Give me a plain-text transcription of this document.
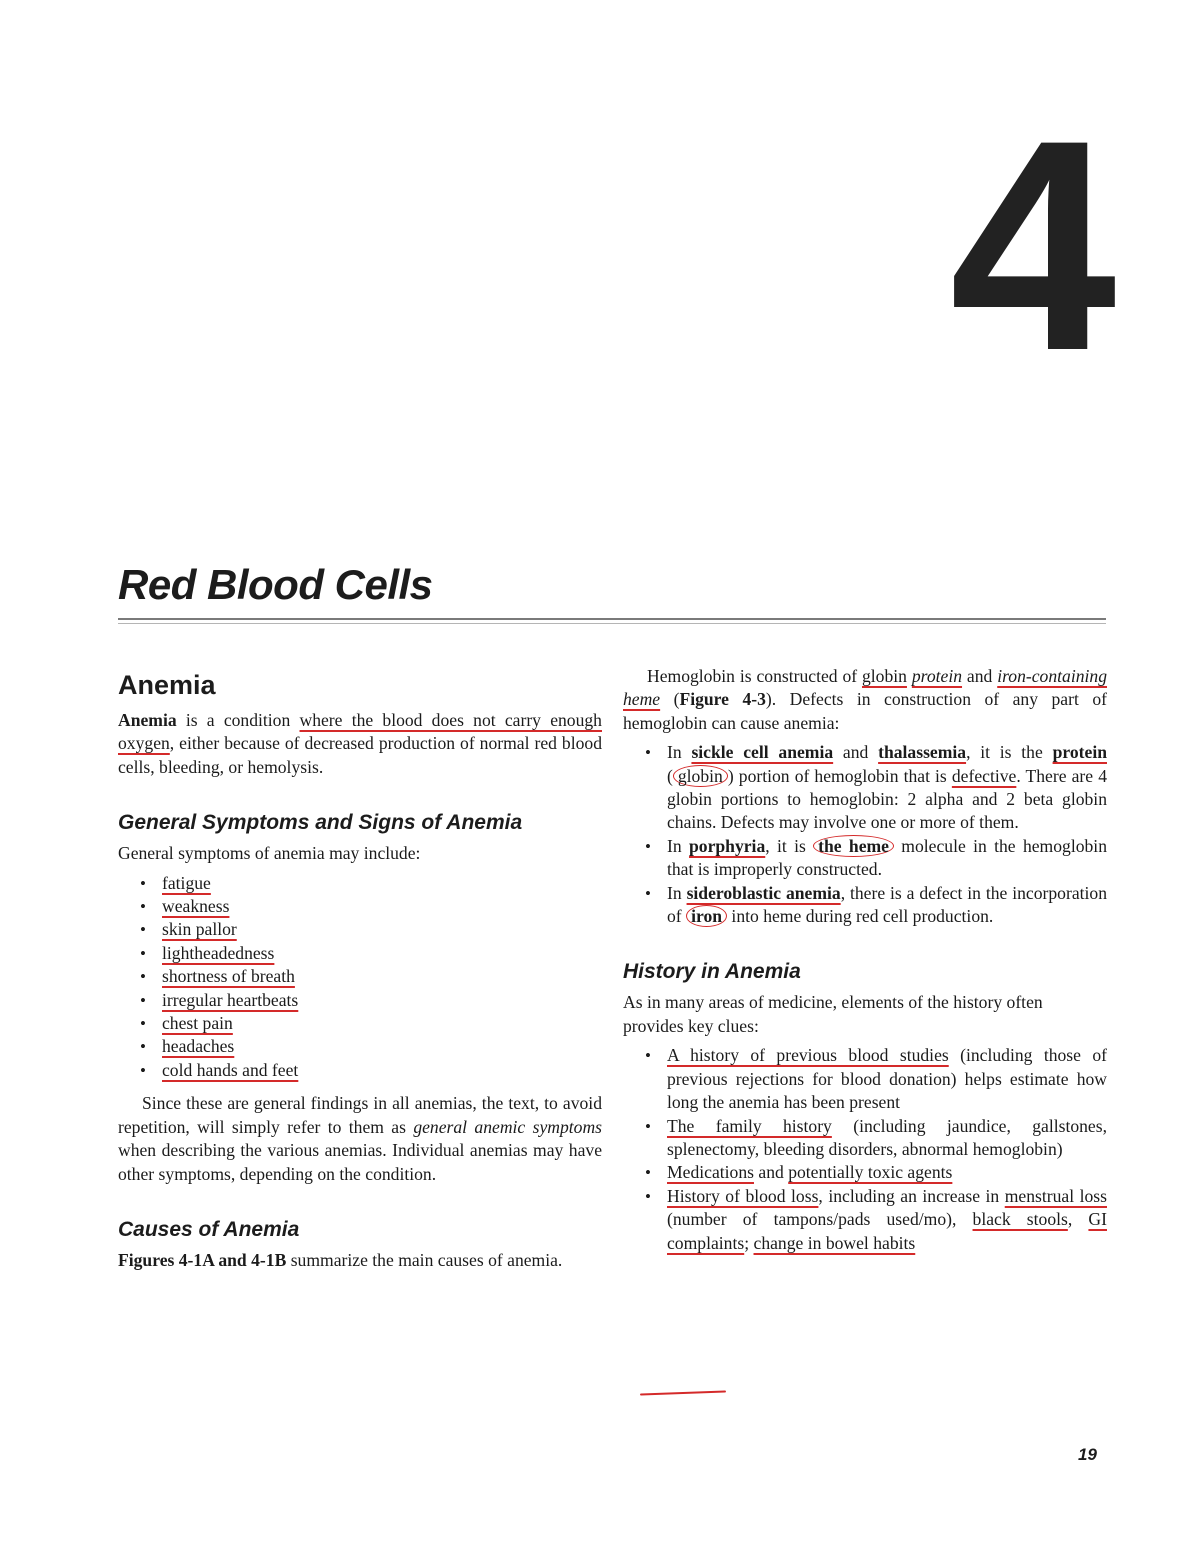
4
Red Blood Cells
Anemia

Anemia is a condition where the blood does not carry enough oxygen, either because of decreased production of normal red blood cells, bleeding, or hemolysis.

General Symptoms and Signs of Anemia

General symptoms of anemia may include:

• fatigue
• weakness
• skin pallor
• lightheadedness
• shortness of breath
• irregular heartbeats
• chest pain
• headaches
• cold hands and feet

Since these are general findings in all anemias, the text, to avoid repetition, will simply refer to them as general anemic symptoms when describing the various anemias. Individual anemias may have other symptoms, depending on the condition.

Causes of Anemia

Figures 4-1A and 4-1B summarize the main causes of anemia.

Hemoglobin is constructed of globin protein and iron-containing heme (Figure 4-3). Defects in construction of any part of hemoglobin can cause anemia:

• In sickle cell anemia and thalassemia, it is the protein ( globin ) portion of hemoglobin that is defective. There are 4 globin portions to hemoglobin: 2 alpha and 2 beta globin chains. Defects may involve one or more of them.
• In porphyria, it is the heme molecule in the hemoglobin that is improperly constructed.
• In sideroblastic anemia, there is a defect in the incorporation of iron into heme during red cell production.
History in Anemia

As in many areas of medicine, elements of the history often provides key clues:

• A history of previous blood studies (including those of previous rejections for blood donation) helps estimate how long the anemia has been present
• The family history (including jaundice, gallstones, splenectomy, bleeding disorders, abnormal hemoglobin)
• Medications and potentially toxic agents
• History of blood loss, including an increase in menstrual loss (number of tampons/pads used/mo), black stools, GI complaints; change in bowel habits
19
